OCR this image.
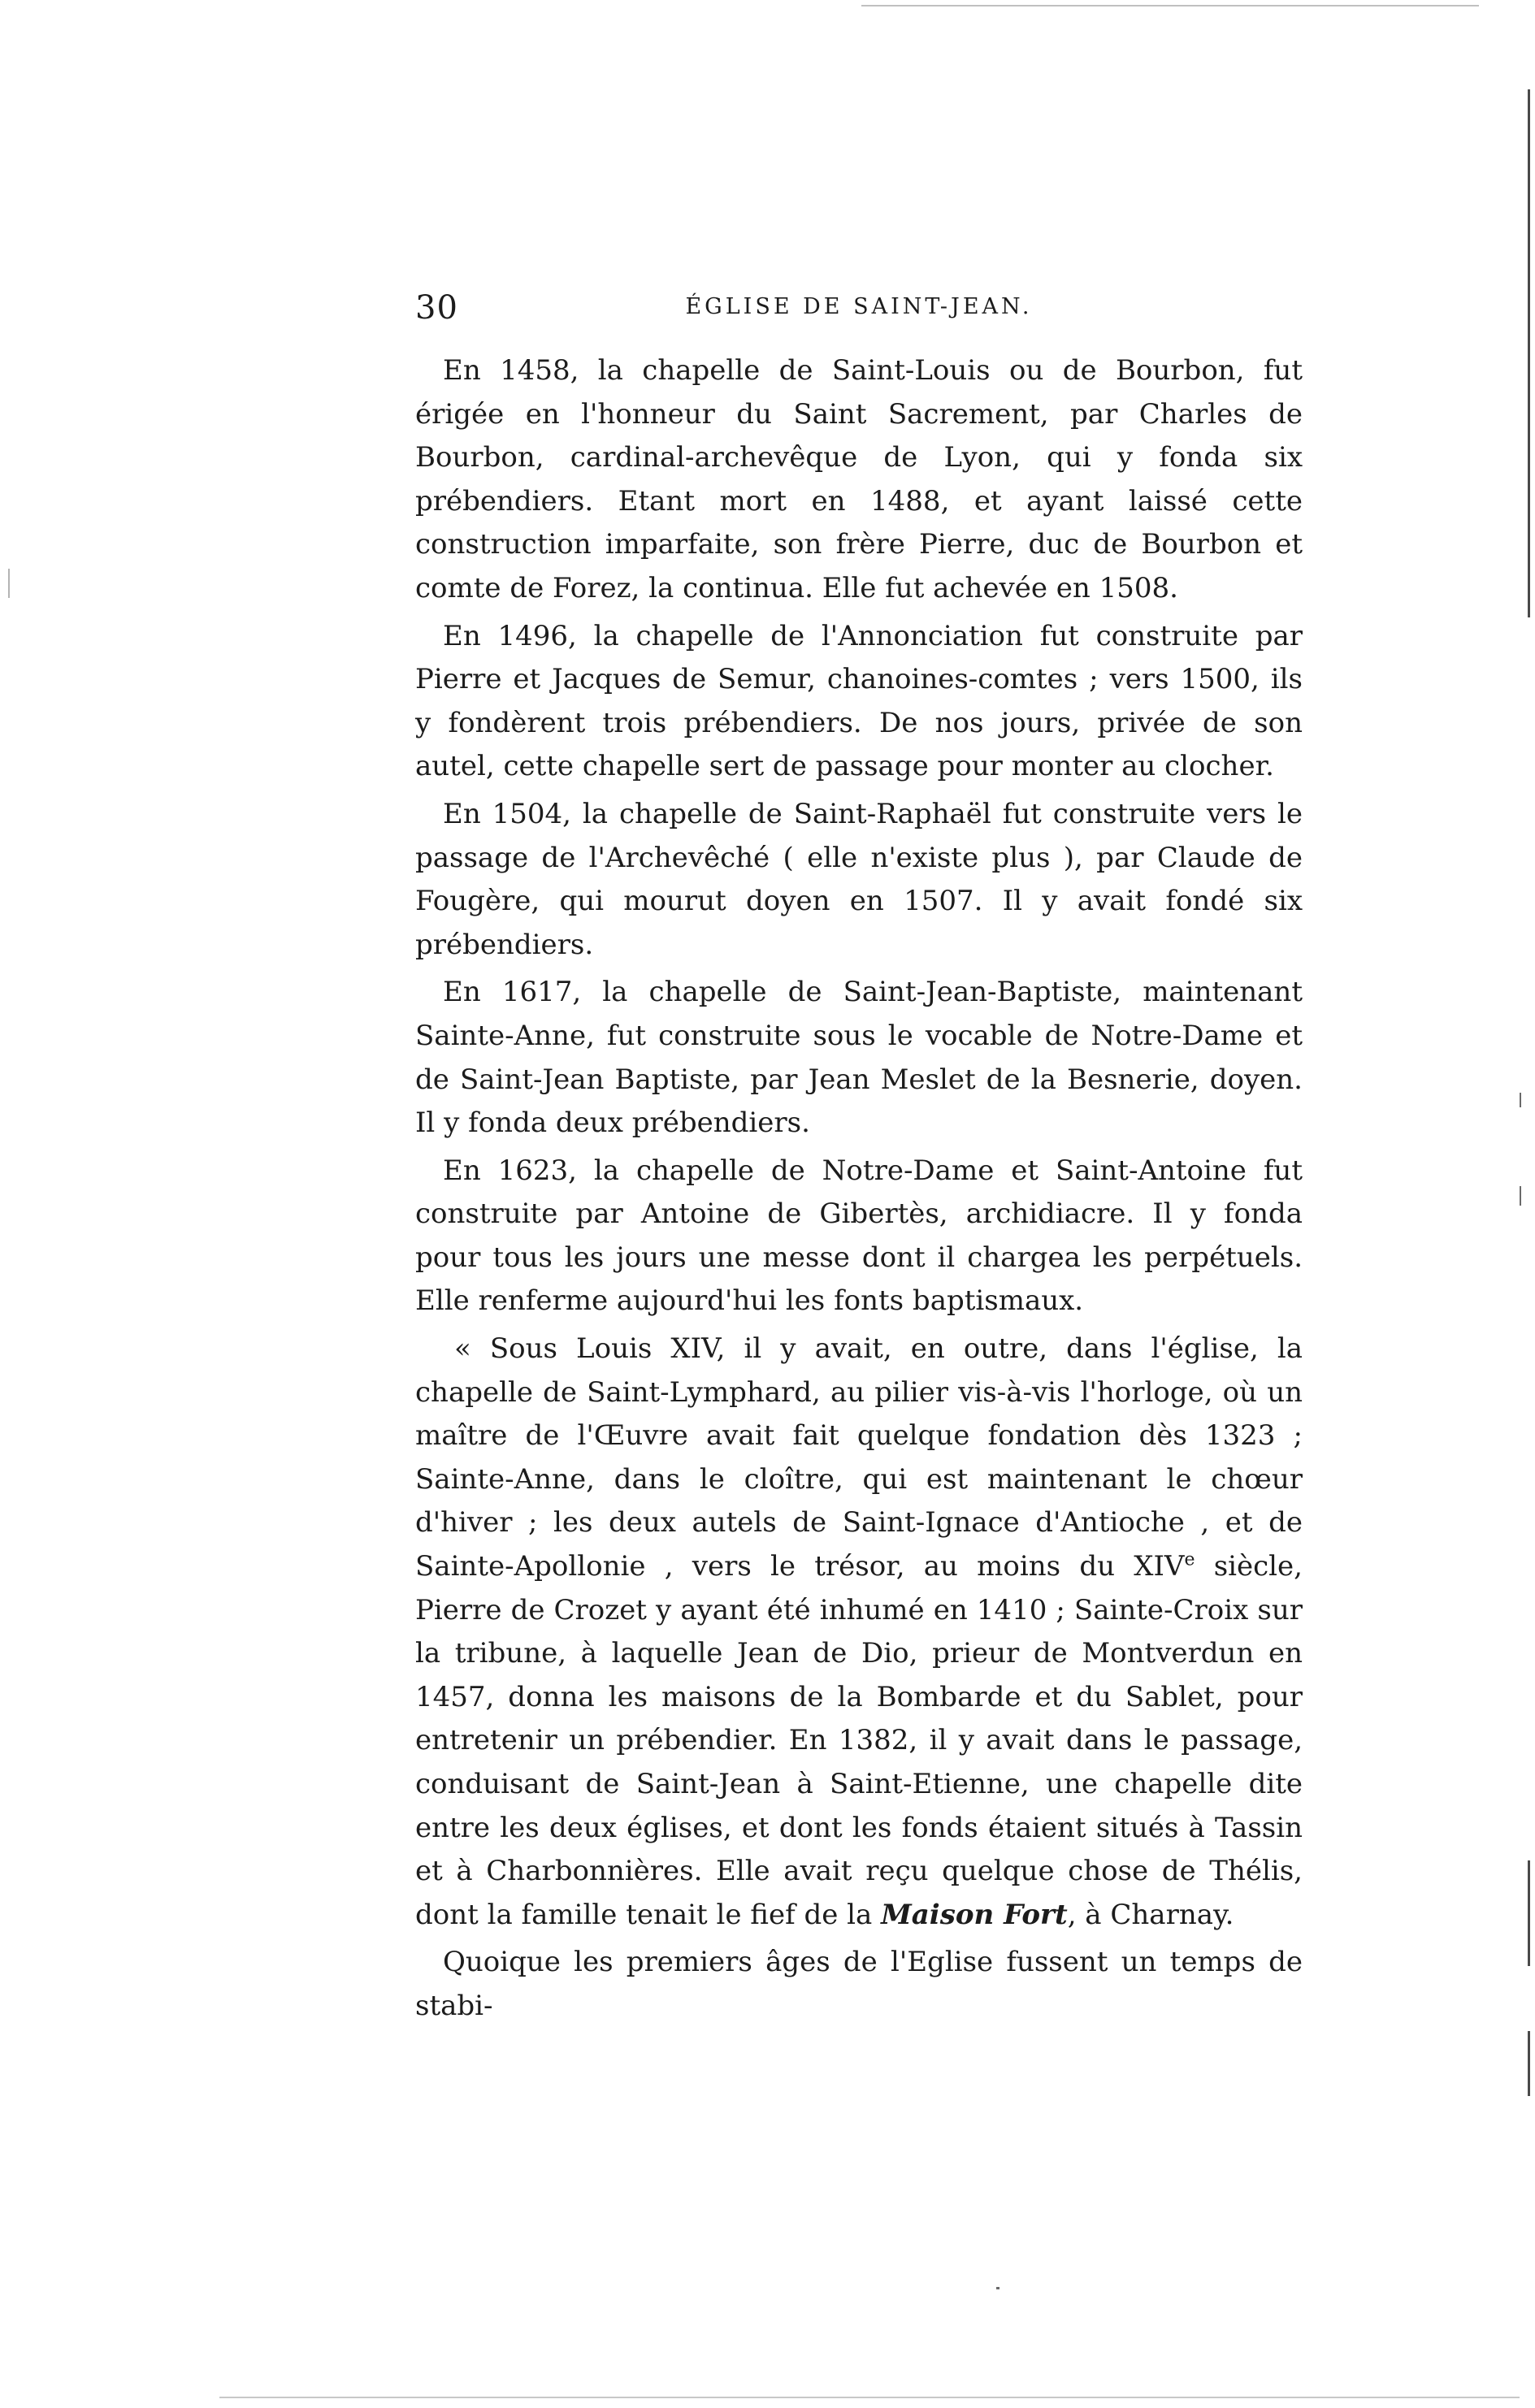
30	ÉGLISE DE SAINT-JEAN.

En 1458, la chapelle de Saint-Louis ou de Bourbon, fut érigée en l'honneur du Saint Sacrement, par Charles de Bourbon, cardinal-archevêque de Lyon, qui y fonda six prébendiers. Etant mort en 1488, et ayant laissé cette construction imparfaite, son frère Pierre, duc de Bourbon et comte de Forez, la continua. Elle fut achevée en 1508.

En 1496, la chapelle de l'Annonciation fut construite par Pierre et Jacques de Semur, chanoines-comtes ; vers 1500, ils y fondèrent trois prébendiers. De nos jours, privée de son autel, cette chapelle sert de passage pour monter au clocher.

En 1504, la chapelle de Saint-Raphaël fut construite vers le passage de l'Archevêché ( elle n'existe plus ), par Claude de Fougère, qui mourut doyen en 1507. Il y avait fondé six prébendiers.

En 1617, la chapelle de Saint-Jean-Baptiste, maintenant Sainte-Anne, fut construite sous le vocable de Notre-Dame et de Saint-Jean Baptiste, par Jean Meslet de la Besnerie, doyen. Il y fonda deux prébendiers.

En 1623, la chapelle de Notre-Dame et Saint-Antoine fut construite par Antoine de Gibertès, archidiacre. Il y fonda pour tous les jours une messe dont il chargea les perpétuels. Elle renferme aujourd'hui les fonts baptismaux.

« Sous Louis XIV, il y avait, en outre, dans l'église, la chapelle de Saint-Lymphard, au pilier vis-à-vis l'horloge, où un maître de l'Œuvre avait fait quelque fondation dès 1323 ; Sainte-Anne, dans le cloître, qui est maintenant le chœur d'hiver ; les deux autels de Saint-Ignace d'Antioche , et de Sainte-Apollonie , vers le trésor, au moins du XIVe siècle, Pierre de Crozet y ayant été inhumé en 1410 ; Sainte-Croix sur la tribune, à laquelle Jean de Dio, prieur de Montverdun en 1457, donna les maisons de la Bombarde et du Sablet, pour entretenir un prébendier. En 1382, il y avait dans le passage, conduisant de Saint-Jean à Saint-Etienne, une chapelle dite entre les deux églises, et dont les fonds étaient situés à Tassin et à Charbonnières. Elle avait reçu quelque chose de Thélis, dont la famille tenait le fief de la Maison Fort, à Charnay.

Quoique les premiers âges de l'Eglise fussent un temps de stabi-
